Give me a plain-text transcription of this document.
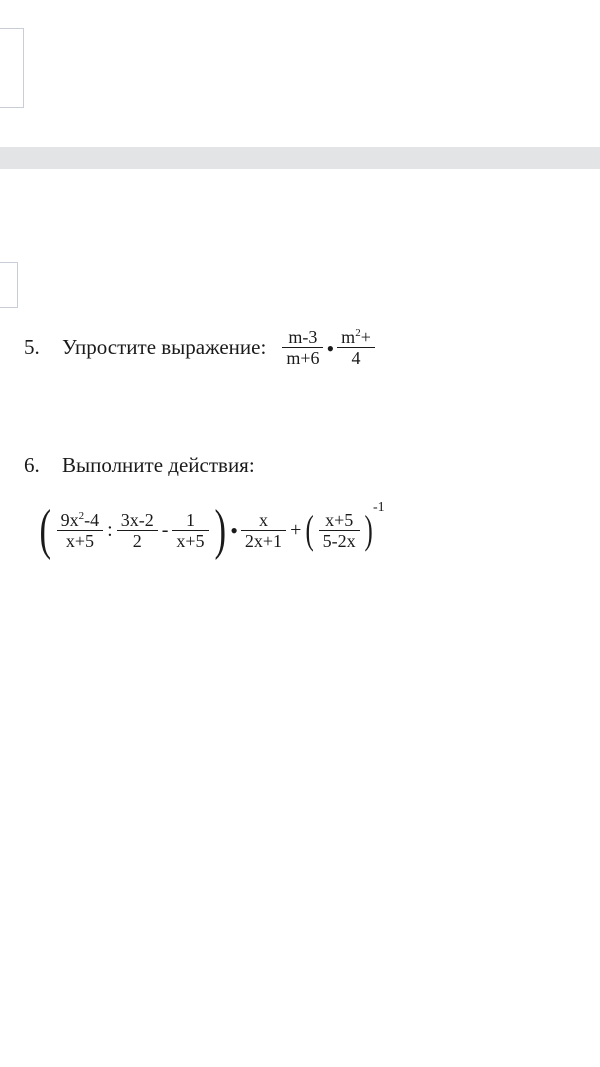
5.	Упростите выражение: $\frac{m-3}{m+6}$ • $\frac{m^2+}{4}$
6.	Выполните действия:
( $\frac{9x^2-4}{x+5}$ : $\frac{3x-2}{2} - \frac{1}{x+5}$ ) • $\frac{x}{2x+1}$ + ( $\frac{x+5}{5-2x}$ ) -1
